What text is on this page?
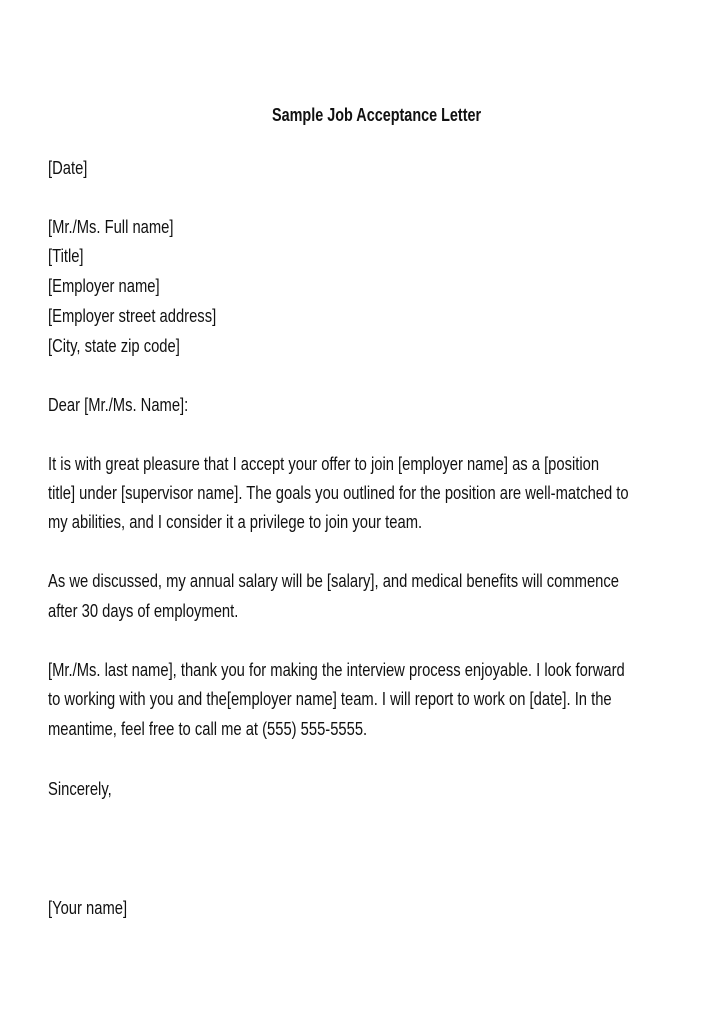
Sample Job Acceptance Letter
[Date]
[Mr./Ms. Full name]
[Title]
[Employer name]
[Employer street address]
[City, state zip code]
Dear [Mr./Ms. Name]:
It is with great pleasure that I accept your offer to join [employer name] as a [position
title] under [supervisor name]. The goals you outlined for the position are well-matched to
my abilities, and I consider it a privilege to join your team.
As we discussed, my annual salary will be [salary], and medical benefits will commence
after 30 days of employment.
[Mr./Ms. last name], thank you for making the interview process enjoyable. I look forward
to working with you and the[employer name] team. I will report to work on [date]. In the
meantime, feel free to call me at (555) 555-5555.
Sincerely,
[Your name]
